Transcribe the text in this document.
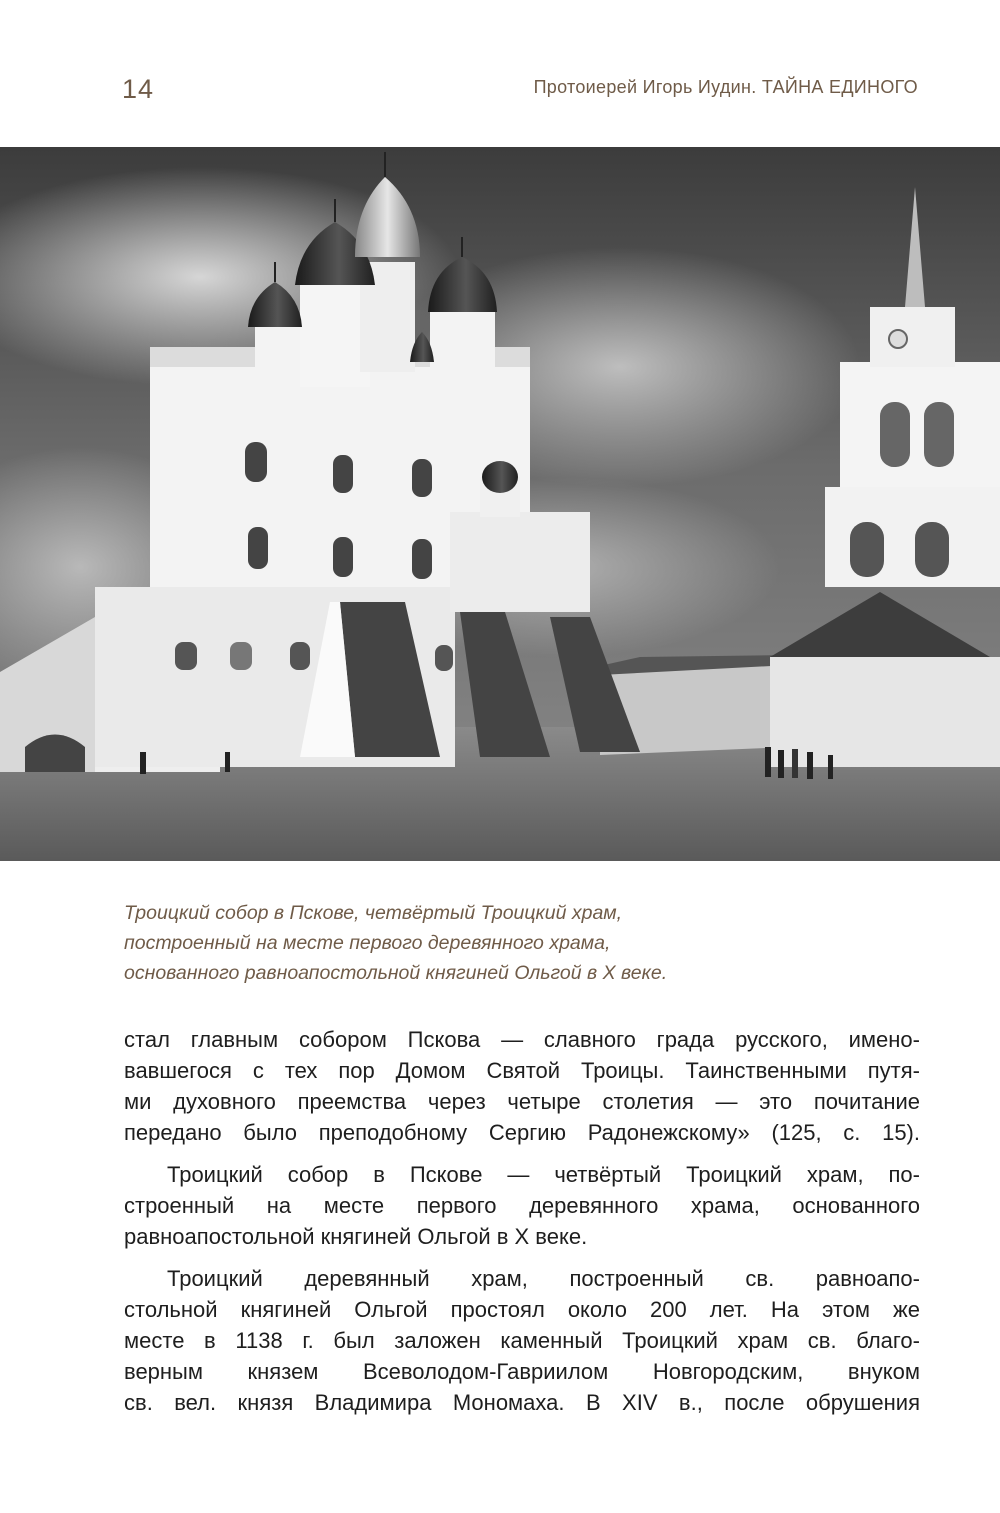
14	Протоиерей Игорь Иудин. ТАЙНА ЕДИНОГО
Троицкий собор в Пскове, четвёртый Троицкий храм,
построенный на месте первого деревянного храма,
основанного равноапостольной княгиней Ольгой в X веке.
стал главным собором Пскова — славного града русского, имено-
вавшегося с тех пор Домом Святой Троицы. Таинственными путя-
ми духовного преемства через четыре столетия — это почитание
передано было преподобному Сергию Радонежскому» (125, с. 15).
Троицкий собор в Пскове — четвёртый Троицкий храм, по-
строенный на месте первого деревянного храма, основанного
равноапостольной княгиней Ольгой в X веке.
Троицкий деревянный храм, построенный св. равноапо-
стольной княгиней Ольгой простоял около 200 лет. На этом же
месте в 1138 г. был заложен каменный Троицкий храм св. благо-
верным князем Всеволодом-Гавриилом Новгородским, внуком
св. вел. князя Владимира Мономаха. В XIV в., после обрушения
